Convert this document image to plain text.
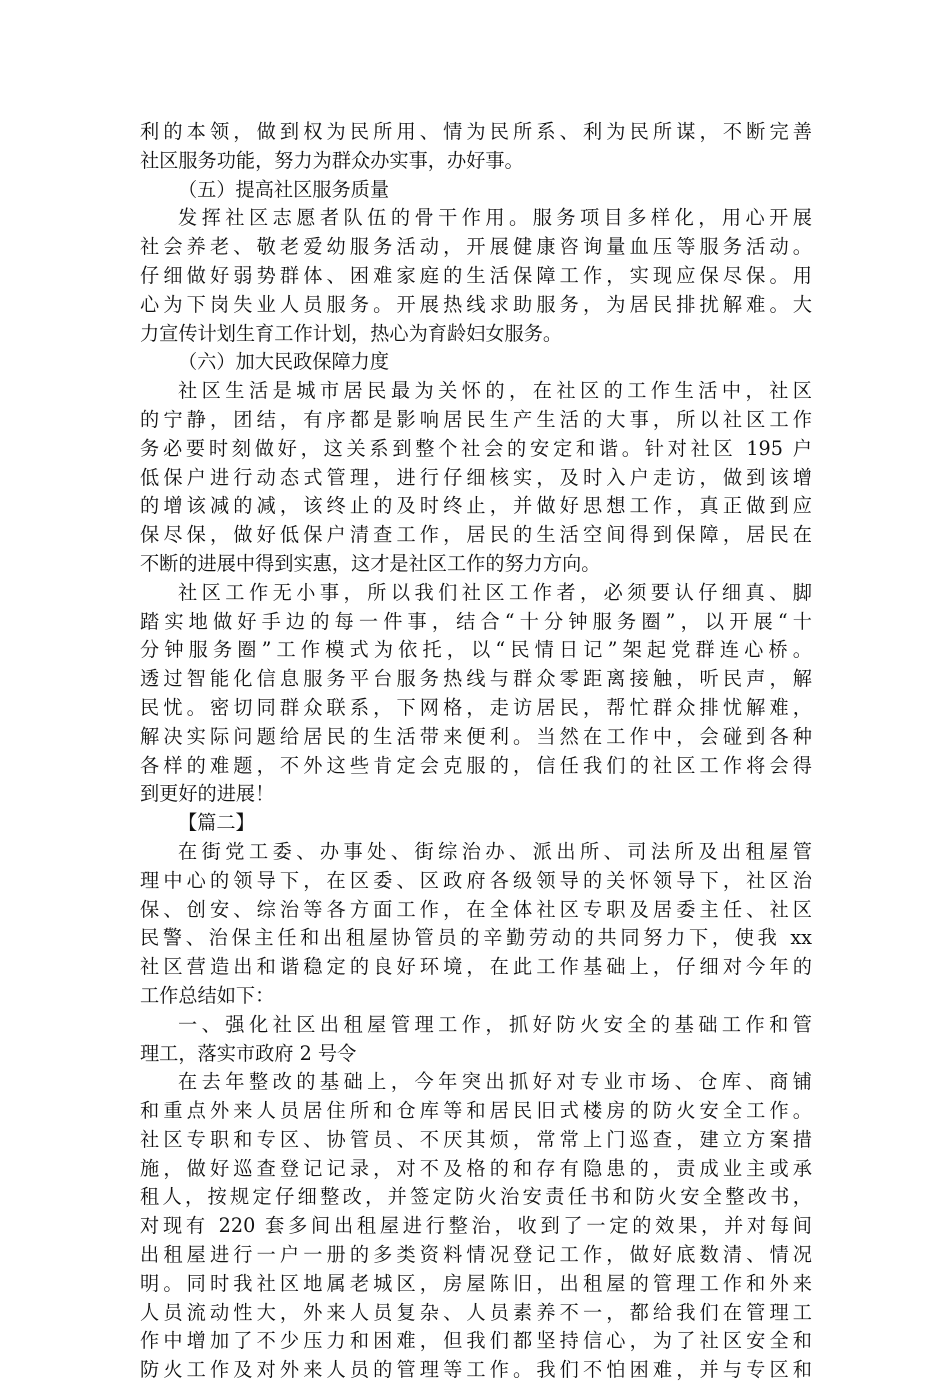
利的本领，做到权为民所用、情为民所系、利为民所谋，不断完善
社区服务功能，努力为群众办实事，办好事。
（五）提高社区服务质量
发挥社区志愿者队伍的骨干作用。服务项目多样化，用心开展
社会养老、敬老爱幼服务活动，开展健康咨询量血压等服务活动。
仔细做好弱势群体、困难家庭的生活保障工作，实现应保尽保。用
心为下岗失业人员服务。开展热线求助服务，为居民排扰解难。大
力宣传计划生育工作计划，热心为育龄妇女服务。
（六）加大民政保障力度
社区生活是城市居民最为关怀的，在社区的工作生活中，社区
的宁静，团结，有序都是影响居民生产生活的大事，所以社区工作
务必要时刻做好，这关系到整个社会的安定和谐。针对社区 195 户
低保户进行动态式管理，进行仔细核实，及时入户走访，做到该增
的增该减的减，该终止的及时终止，并做好思想工作，真正做到应
保尽保，做好低保户清查工作，居民的生活空间得到保障，居民在
不断的进展中得到实惠，这才是社区工作的努力方向。
社区工作无小事，所以我们社区工作者，必须要认仔细真、脚
踏实地做好手边的每一件事，结合“十分钟服务圈”，以开展“十
分钟服务圈”工作模式为依托，以“民情日记”架起党群连心桥。
透过智能化信息服务平台服务热线与群众零距离接触，听民声，解
民忧。密切同群众联系，下网格，走访居民，帮忙群众排忧解难，
解决实际问题给居民的生活带来便利。当然在工作中，会碰到各种
各样的难题，不外这些肯定会克服的，信任我们的社区工作将会得
到更好的进展！
【篇二】
在街党工委、办事处、街综治办、派出所、司法所及出租屋管
理中心的领导下，在区委、区政府各级领导的关怀领导下，社区治
保、创安、综治等各方面工作，在全体社区专职及居委主任、社区
民警、治保主任和出租屋协管员的辛勤劳动的共同努力下，使我 xx
社区营造出和谐稳定的良好环境，在此工作基础上，仔细对今年的
工作总结如下：
一、强化社区出租屋管理工作，抓好防火安全的基础工作和管
理工，落实市政府 2 号令
在去年整改的基础上，今年突出抓好对专业市场、仓库、商铺
和重点外来人员居住所和仓库等和居民旧式楼房的防火安全工作。
社区专职和专区、协管员、不厌其烦，常常上门巡查，建立方案措
施，做好巡查登记记录，对不及格的和存有隐患的，责成业主或承
租人，按规定仔细整改，并签定防火治安责任书和防火安全整改书，
对现有 220 套多间出租屋进行整治，收到了一定的效果，并对每间
出租屋进行一户一册的多类资料情况登记工作，做好底数清、情况
明。同时我社区地属老城区，房屋陈旧，出租屋的管理工作和外来
人员流动性大，外来人员复杂、人员素养不一，都给我们在管理工
作中增加了不少压力和困难，但我们都坚持信心，为了社区安全和
防火工作及对外来人员的管理等工作。我们不怕困难，并与专区和
